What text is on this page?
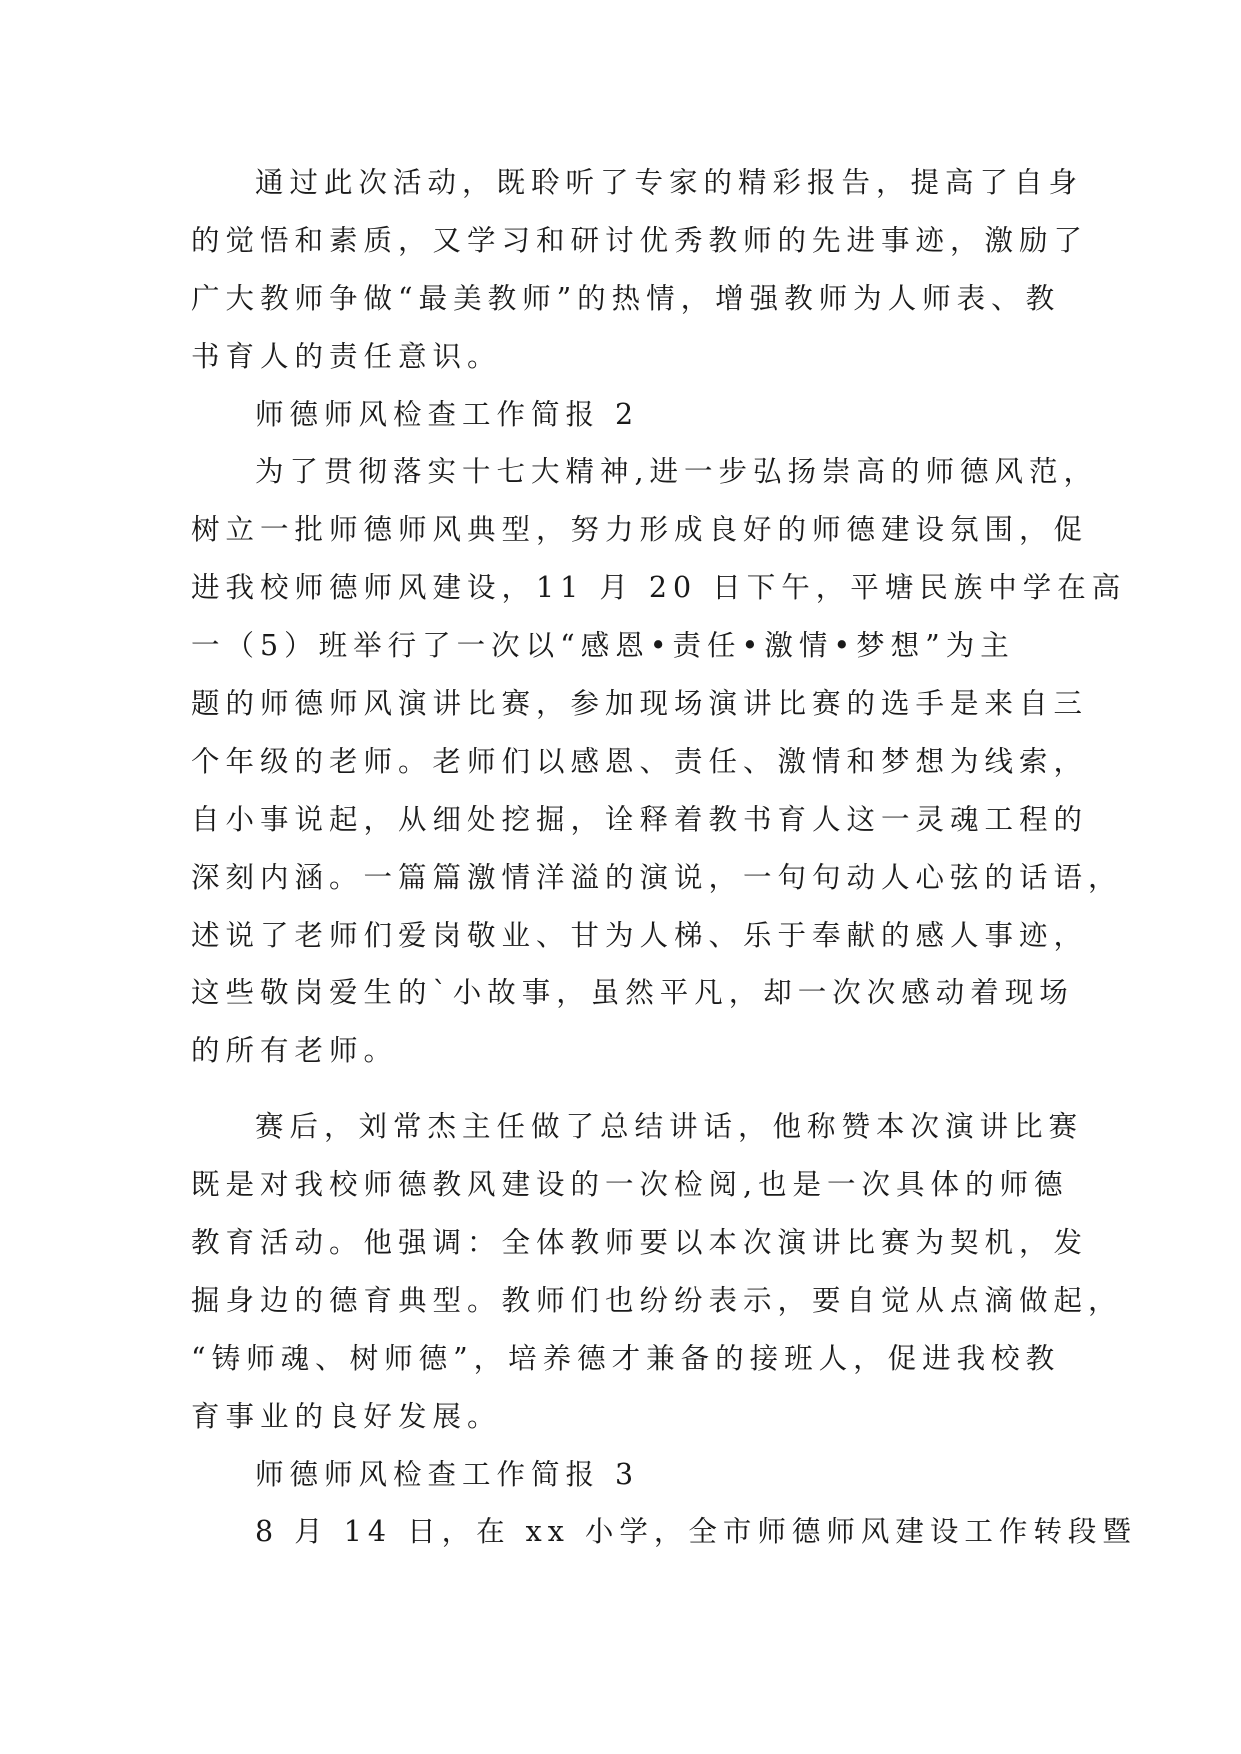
通过此次活动，既聆听了专家的精彩报告，提高了自身
的觉悟和素质，又学习和研讨优秀教师的先进事迹，激励了
广大教师争做“最美教师”的热情，增强教师为人师表、教
书育人的责任意识。
师德师风检查工作简报 2
为了贯彻落实十七大精神,进一步弘扬崇高的师德风范，
树立一批师德师风典型，努力形成良好的师德建设氛围，促
进我校师德师风建设，11 月 20 日下午，平塘民族中学在高
一（5）班举行了一次以“感恩•责任•激情•梦想”为主
题的师德师风演讲比赛，参加现场演讲比赛的选手是来自三
个年级的老师。老师们以感恩、责任、激情和梦想为线索，
自小事说起，从细处挖掘，诠释着教书育人这一灵魂工程的
深刻内涵。一篇篇激情洋溢的演说，一句句动人心弦的话语，
述说了老师们爱岗敬业、甘为人梯、乐于奉献的感人事迹，
这些敬岗爱生的`小故事，虽然平凡，却一次次感动着现场
的所有老师。
赛后，刘常杰主任做了总结讲话，他称赞本次演讲比赛
既是对我校师德教风建设的一次检阅,也是一次具体的师德
教育活动。他强调：全体教师要以本次演讲比赛为契机，发
掘身边的德育典型。教师们也纷纷表示，要自觉从点滴做起，
“铸师魂、树师德”，培养德才兼备的接班人，促进我校教
育事业的良好发展。
师德师风检查工作简报 3
8 月 14 日，在 xx 小学，全市师德师风建设工作转段暨
